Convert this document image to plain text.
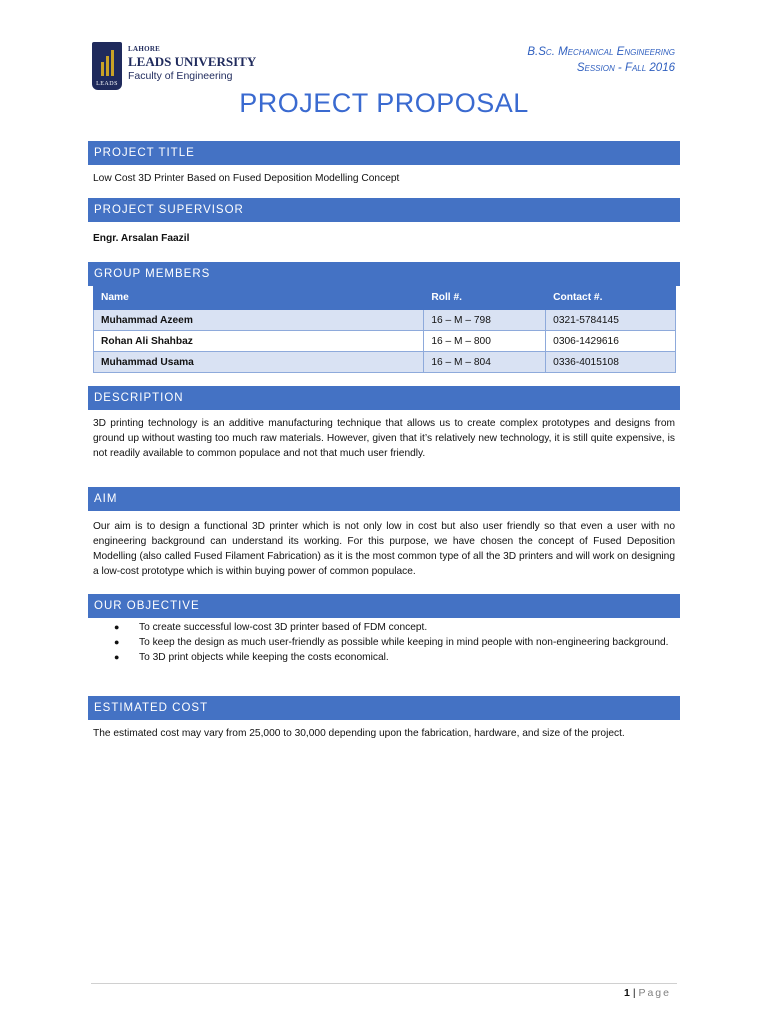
LEADS
LAHORE
LEADS UNIVERSITY
Faculty of Engineering
B.Sc. Mechanical Engineering
Session - Fall 2016
PROJECT PROPOSAL
PROJECT TITLE
Low Cost 3D Printer Based on Fused Deposition Modelling Concept
PROJECT SUPERVISOR
Engr. Arsalan Faazil
GROUP MEMBERS
Name	Roll #.	Contact #.
Muhammad Azeem	16 – M – 798	0321-5784145
Rohan Ali Shahbaz	16 – M – 800	0306-1429616
Muhammad Usama	16 – M – 804	0336-4015108
DESCRIPTION
3D printing technology is an additive manufacturing technique that allows us to create complex prototypes and designs from ground up without wasting too much raw materials. However, given that it’s relatively new technology, it is still quite expensive, is not readily available to common populace and not that much user friendly.
AIM
Our aim is to design a functional 3D printer which is not only low in cost but also user friendly so that even a user with no engineering background can understand its working. For this purpose, we have chosen the concept of Fused Deposition Modelling (also called Fused Filament Fabrication) as it is the most common type of all the 3D printers and will work on designing a low-cost prototype which is within buying power of common populace.
OUR OBJECTIVE
● To create successful low-cost 3D printer based of FDM concept.
● To keep the design as much user-friendly as possible while keeping in mind people with non-engineering background.
● To 3D print objects while keeping the costs economical.
ESTIMATED COST
The estimated cost may vary from 25,000 to 30,000 depending upon the fabrication, hardware, and size of the project.
1 | Page
